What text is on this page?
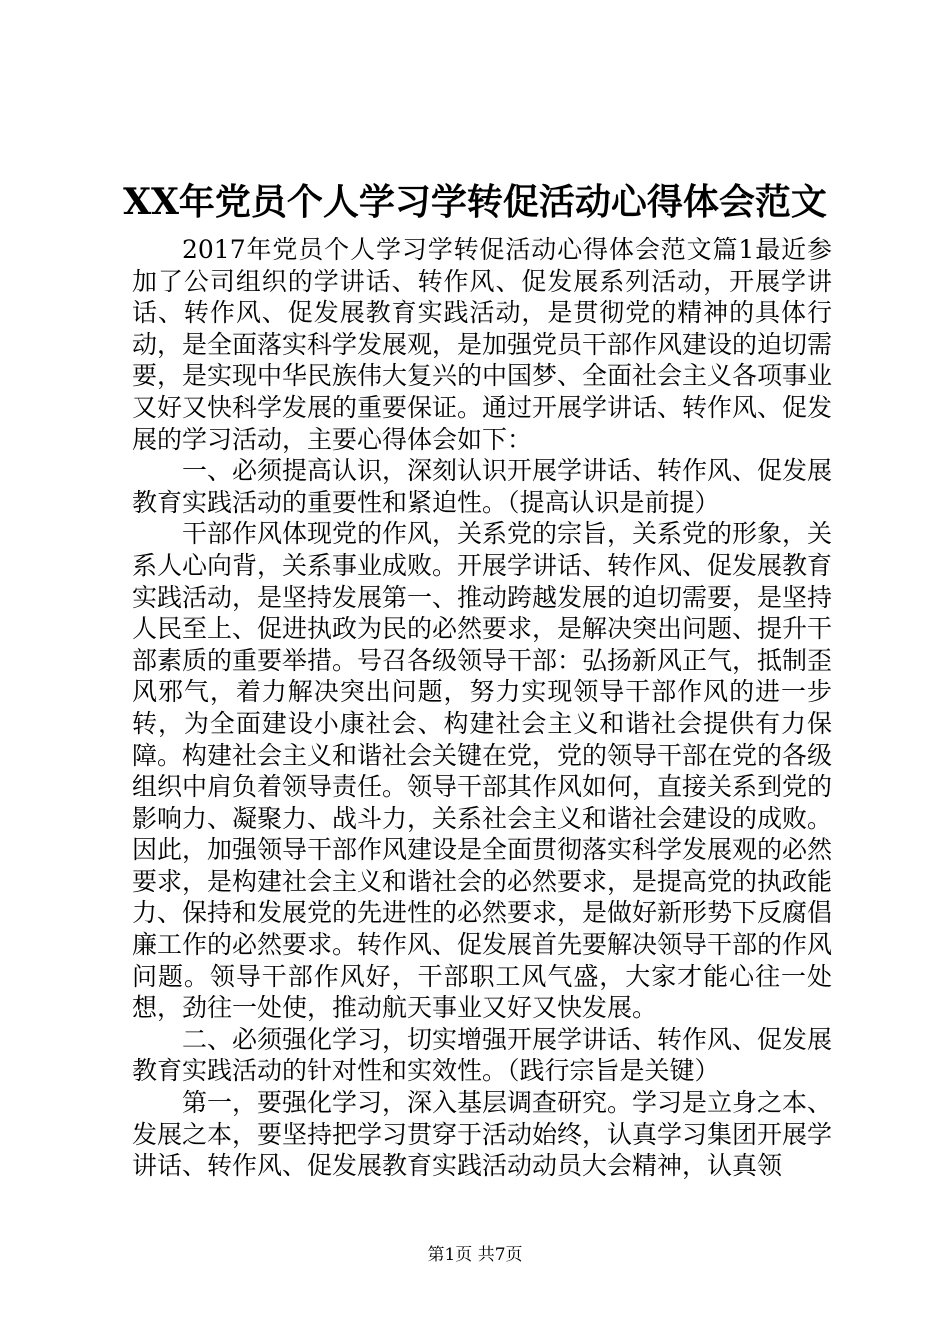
XX年党员个人学习学转促活动心得体会范文

2017年党员个人学习学转促活动心得体会范文篇1最近参加了公司组织的学讲话、转作风、促发展系列活动，开展学讲话、转作风、促发展教育实践活动，是贯彻党的精神的具体行动，是全面落实科学发展观，是加强党员干部作风建设的迫切需要，是实现中华民族伟大复兴的中国梦、全面社会主义各项事业又好又快科学发展的重要保证。通过开展学讲话、转作风、促发展的学习活动，主要心得体会如下：

一、必须提高认识，深刻认识开展学讲话、转作风、促发展教育实践活动的重要性和紧迫性。（提高认识是前提）

干部作风体现党的作风，关系党的宗旨，关系党的形象，关系人心向背，关系事业成败。开展学讲话、转作风、促发展教育实践活动，是坚持发展第一、推动跨越发展的迫切需要，是坚持人民至上、促进执政为民的必然要求，是解决突出问题、提升干部素质的重要举措。号召各级领导干部：弘扬新风正气，抵制歪风邪气，着力解决突出问题，努力实现领导干部作风的进一步转，为全面建设小康社会、构建社会主义和谐社会提供有力保障。构建社会主义和谐社会关键在党，党的领导干部在党的各级组织中肩负着领导责任。领导干部其作风如何，直接关系到党的影响力、凝聚力、战斗力，关系社会主义和谐社会建设的成败。因此，加强领导干部作风建设是全面贯彻落实科学发展观的必然要求，是构建社会主义和谐社会的必然要求，是提高党的执政能力、保持和发展党的先进性的必然要求，是做好新形势下反腐倡廉工作的必然要求。转作风、促发展首先要解决领导干部的作风问题。领导干部作风好，干部职工风气盛，大家才能心往一处想，劲往一处使，推动航天事业又好又快发展。

二、必须强化学习，切实增强开展学讲话、转作风、促发展教育实践活动的针对性和实效性。（践行宗旨是关键）

第一，要强化学习，深入基层调查研究。学习是立身之本、发展之本，要坚持把学习贯穿于活动始终，认真学习集团开展学讲话、转作风、促发展教育实践活动动员大会精神，认真领

第1页 共7页
